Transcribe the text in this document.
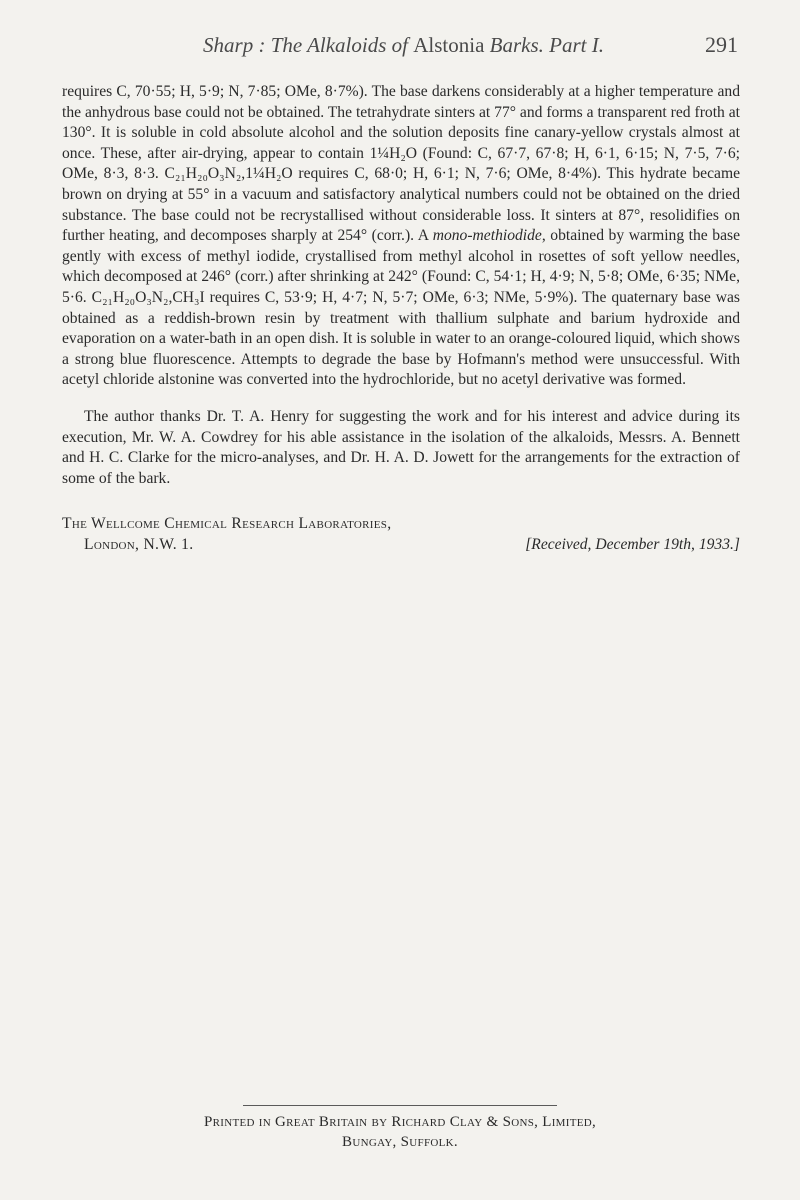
Sharp : The Alkaloids of Alstonia Barks. Part I.	291

requires C, 70·55; H, 5·9; N, 7·85; OMe, 8·7%). The base darkens considerably at a higher temperature and the anhydrous base could not be obtained. The tetrahydrate sinters at 77° and forms a transparent red froth at 130°. It is soluble in cold absolute alcohol and the solution deposits fine canary-yellow crystals almost at once. These, after air-drying, appear to contain 1¼H₂O (Found: C, 67·7, 67·8; H, 6·1, 6·15; N, 7·5, 7·6; OMe, 8·3, 8·3. C₂₁H₂₀O₃N₂,1¼H₂O requires C, 68·0; H, 6·1; N, 7·6; OMe, 8·4%). This hydrate became brown on drying at 55° in a vacuum and satisfactory analytical numbers could not be obtained on the dried substance. The base could not be recrystallised without considerable loss. It sinters at 87°, resolidifies on further heating, and decomposes sharply at 254° (corr.). A mono-methiodide, obtained by warming the base gently with excess of methyl iodide, crystallised from methyl alcohol in rosettes of soft yellow needles, which decomposed at 246° (corr.) after shrinking at 242° (Found: C, 54·1; H, 4·9; N, 5·8; OMe, 6·35; NMe, 5·6. C₂₁H₂₀O₃N₂,CH₃I requires C, 53·9; H, 4·7; N, 5·7; OMe, 6·3; NMe, 5·9%). The quaternary base was obtained as a reddish-brown resin by treatment with thallium sulphate and barium hydroxide and evaporation on a water-bath in an open dish. It is soluble in water to an orange-coloured liquid, which shows a strong blue fluorescence. Attempts to degrade the base by Hofmann's method were unsuccessful. With acetyl chloride alstonine was converted into the hydrochloride, but no acetyl derivative was formed.

The author thanks Dr. T. A. Henry for suggesting the work and for his interest and advice during its execution, Mr. W. A. Cowdrey for his able assistance in the isolation of the alkaloids, Messrs. A. Bennett and H. C. Clarke for the micro-analyses, and Dr. H. A. D. Jowett for the arrangements for the extraction of some of the bark.

The Wellcome Chemical Research Laboratories,
London, N.W. 1.	[Received, December 19th, 1933.]
Printed in Great Britain by Richard Clay & Sons, Limited,
Bungay, Suffolk.
